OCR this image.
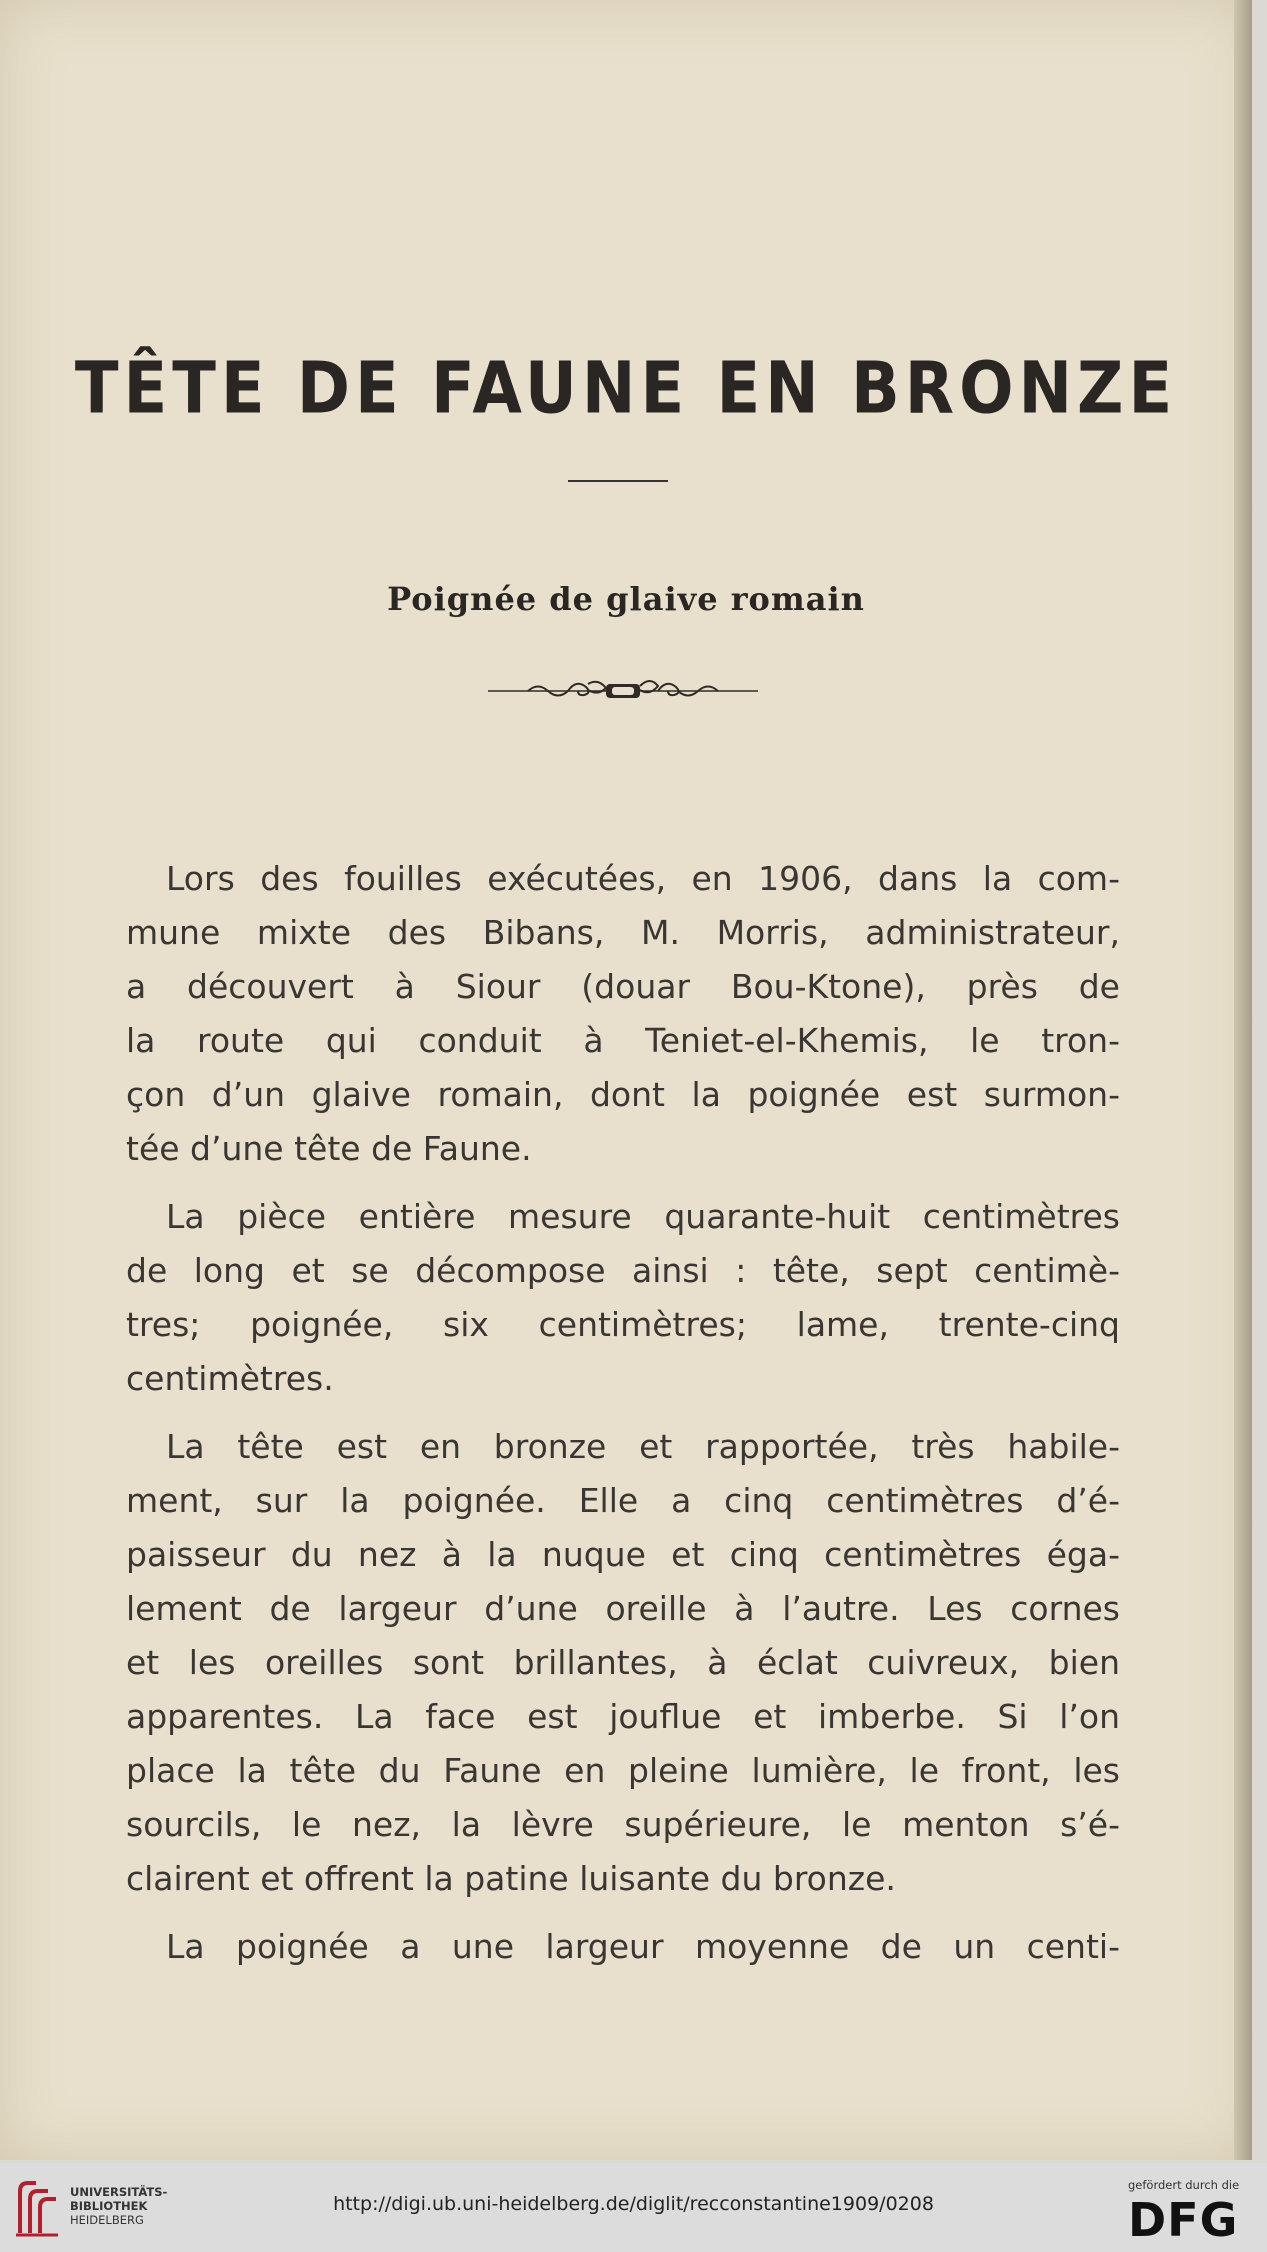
TÊTE DE FAUNE EN BRONZE
Poignée de glaive romain
Lors des fouilles exécutées, en 1906, dans la com-
mune mixte des Bibans, M. Morris, administrateur,
a découvert à Siour (douar Bou-Ktone), près de
la route qui conduit à Teniet-el-Khemis, le tron-
çon d’un glaive romain, dont la poignée est surmon-
tée d’une tête de Faune.
La pièce entière mesure quarante-huit centimètres
de long et se décompose ainsi : tête, sept centimè-
tres; poignée, six centimètres; lame, trente-cinq
centimètres.
La tête est en bronze et rapportée, très habile-
ment, sur la poignée. Elle a cinq centimètres d’é-
paisseur du nez à la nuque et cinq centimètres éga-
lement de largeur d’une oreille à l’autre. Les cornes
et les oreilles sont brillantes, à éclat cuivreux, bien
apparentes. La face est jouflue et imberbe. Si l’on
place la tête du Faune en pleine lumière, le front, les
sourcils, le nez, la lèvre supérieure, le menton s’é-
clairent et offrent la patine luisante du bronze.
La poignée a une largeur moyenne de un centi-
UNIVERSITÄTS-
BIBLIOTHEK
HEIDELBERG
http://digi.ub.uni-heidelberg.de/diglit/recconstantine1909/0208
gefördert durch die
DFG
